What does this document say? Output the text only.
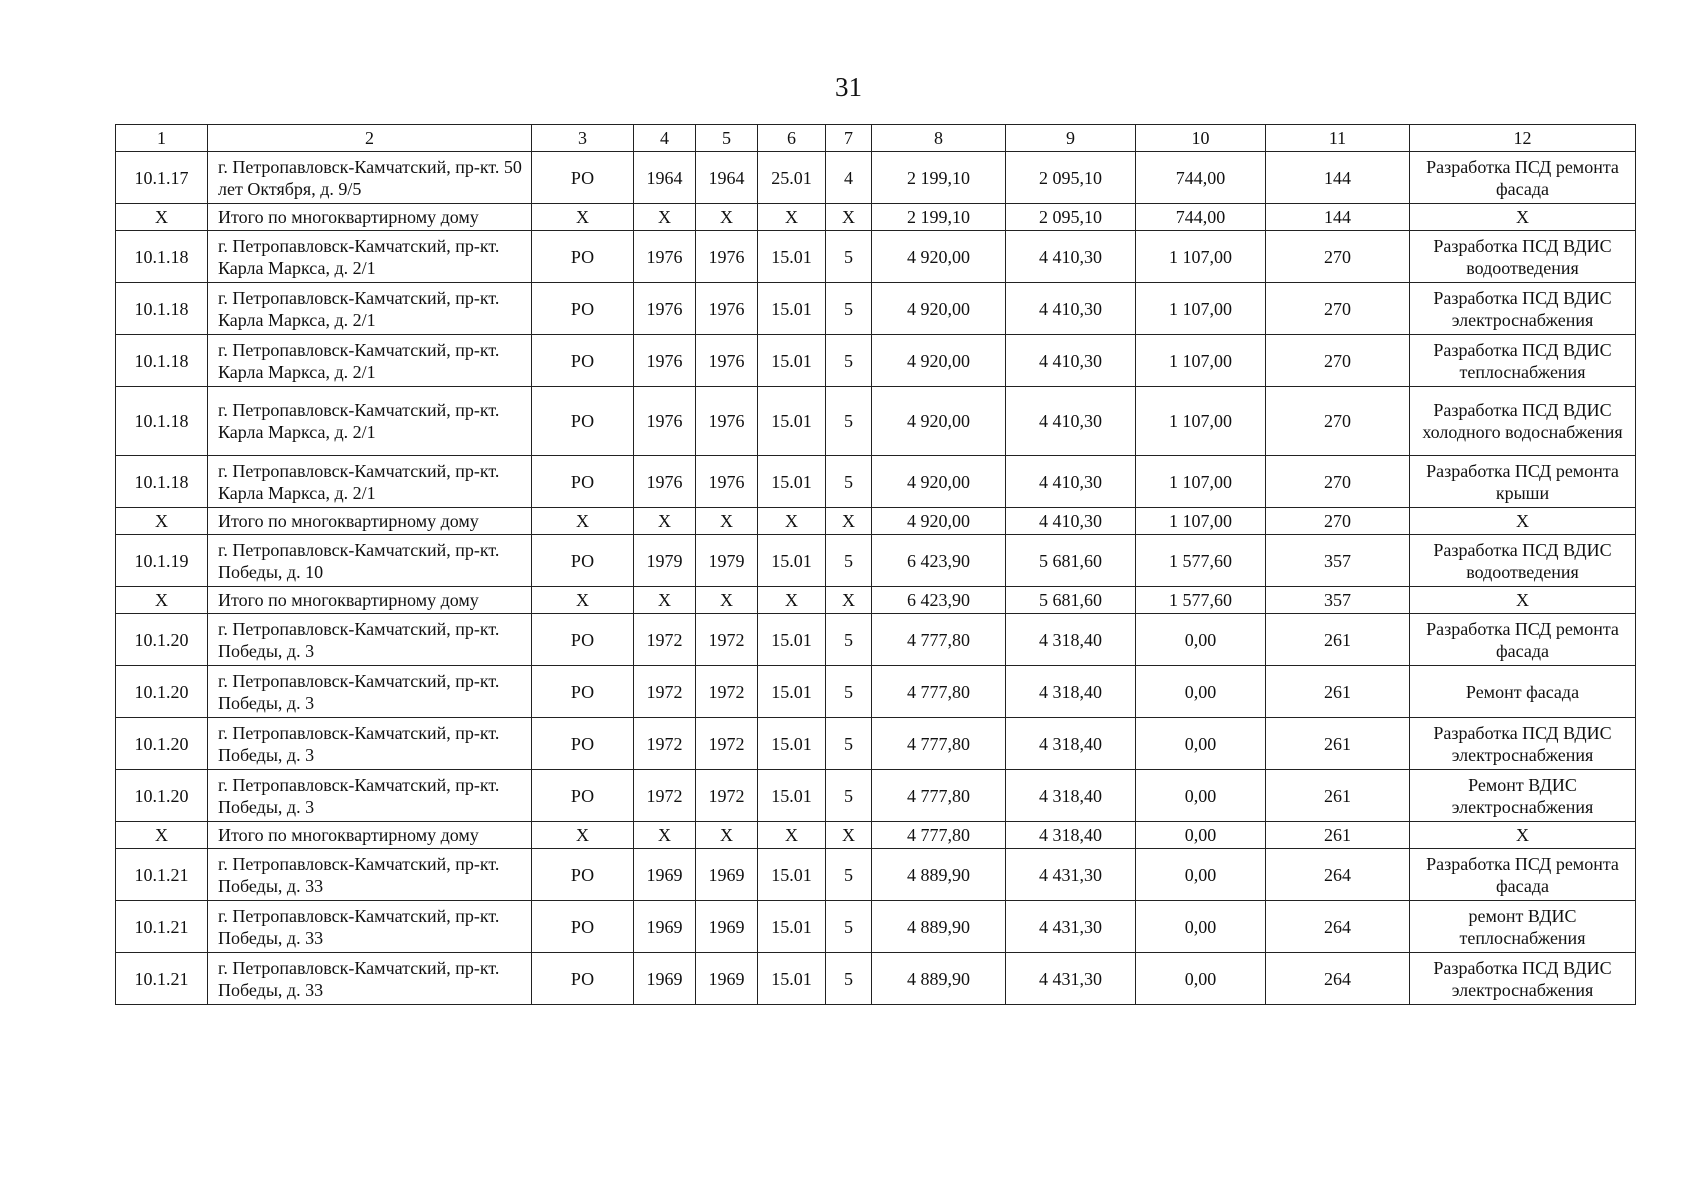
31
1	2	3	4	5	6	7	8	9	10	11	12
10.1.17	г. Петропавловск-Камчатский, пр-кт. 50 лет Октября, д. 9/5	РО	1964	1964	25.01	4	2 199,10	2 095,10	744,00	144	Разработка ПСД ремонта фасада
Х	Итого по многоквартирному дому	Х	Х	Х	Х	Х	2 199,10	2 095,10	744,00	144	Х
10.1.18	г. Петропавловск-Камчатский, пр-кт. Карла Маркса, д. 2/1	РО	1976	1976	15.01	5	4 920,00	4 410,30	1 107,00	270	Разработка ПСД ВДИС водоотведения
10.1.18	г. Петропавловск-Камчатский, пр-кт. Карла Маркса, д. 2/1	РО	1976	1976	15.01	5	4 920,00	4 410,30	1 107,00	270	Разработка ПСД ВДИС электроснабжения
10.1.18	г. Петропавловск-Камчатский, пр-кт. Карла Маркса, д. 2/1	РО	1976	1976	15.01	5	4 920,00	4 410,30	1 107,00	270	Разработка ПСД ВДИС теплоснабжения
10.1.18	г. Петропавловск-Камчатский, пр-кт. Карла Маркса, д. 2/1	РО	1976	1976	15.01	5	4 920,00	4 410,30	1 107,00	270	Разработка ПСД ВДИС холодного водоснабжения
10.1.18	г. Петропавловск-Камчатский, пр-кт. Карла Маркса, д. 2/1	РО	1976	1976	15.01	5	4 920,00	4 410,30	1 107,00	270	Разработка ПСД ремонта крыши
Х	Итого по многоквартирному дому	Х	Х	Х	Х	Х	4 920,00	4 410,30	1 107,00	270	Х
10.1.19	г. Петропавловск-Камчатский, пр-кт. Победы, д. 10	РО	1979	1979	15.01	5	6 423,90	5 681,60	1 577,60	357	Разработка ПСД ВДИС водоотведения
Х	Итого по многоквартирному дому	Х	Х	Х	Х	Х	6 423,90	5 681,60	1 577,60	357	Х
10.1.20	г. Петропавловск-Камчатский, пр-кт. Победы, д. 3	РО	1972	1972	15.01	5	4 777,80	4 318,40	0,00	261	Разработка ПСД ремонта фасада
10.1.20	г. Петропавловск-Камчатский, пр-кт. Победы, д. 3	РО	1972	1972	15.01	5	4 777,80	4 318,40	0,00	261	Ремонт фасада
10.1.20	г. Петропавловск-Камчатский, пр-кт. Победы, д. 3	РО	1972	1972	15.01	5	4 777,80	4 318,40	0,00	261	Разработка ПСД ВДИС электроснабжения
10.1.20	г. Петропавловск-Камчатский, пр-кт. Победы, д. 3	РО	1972	1972	15.01	5	4 777,80	4 318,40	0,00	261	Ремонт ВДИС электроснабжения
Х	Итого по многоквартирному дому	Х	Х	Х	Х	Х	4 777,80	4 318,40	0,00	261	Х
10.1.21	г. Петропавловск-Камчатский, пр-кт. Победы, д. 33	РО	1969	1969	15.01	5	4 889,90	4 431,30	0,00	264	Разработка ПСД ремонта фасада
10.1.21	г. Петропавловск-Камчатский, пр-кт. Победы, д. 33	РО	1969	1969	15.01	5	4 889,90	4 431,30	0,00	264	ремонт ВДИС теплоснабжения
10.1.21	г. Петропавловск-Камчатский, пр-кт. Победы, д. 33	РО	1969	1969	15.01	5	4 889,90	4 431,30	0,00	264	Разработка ПСД ВДИС электроснабжения
